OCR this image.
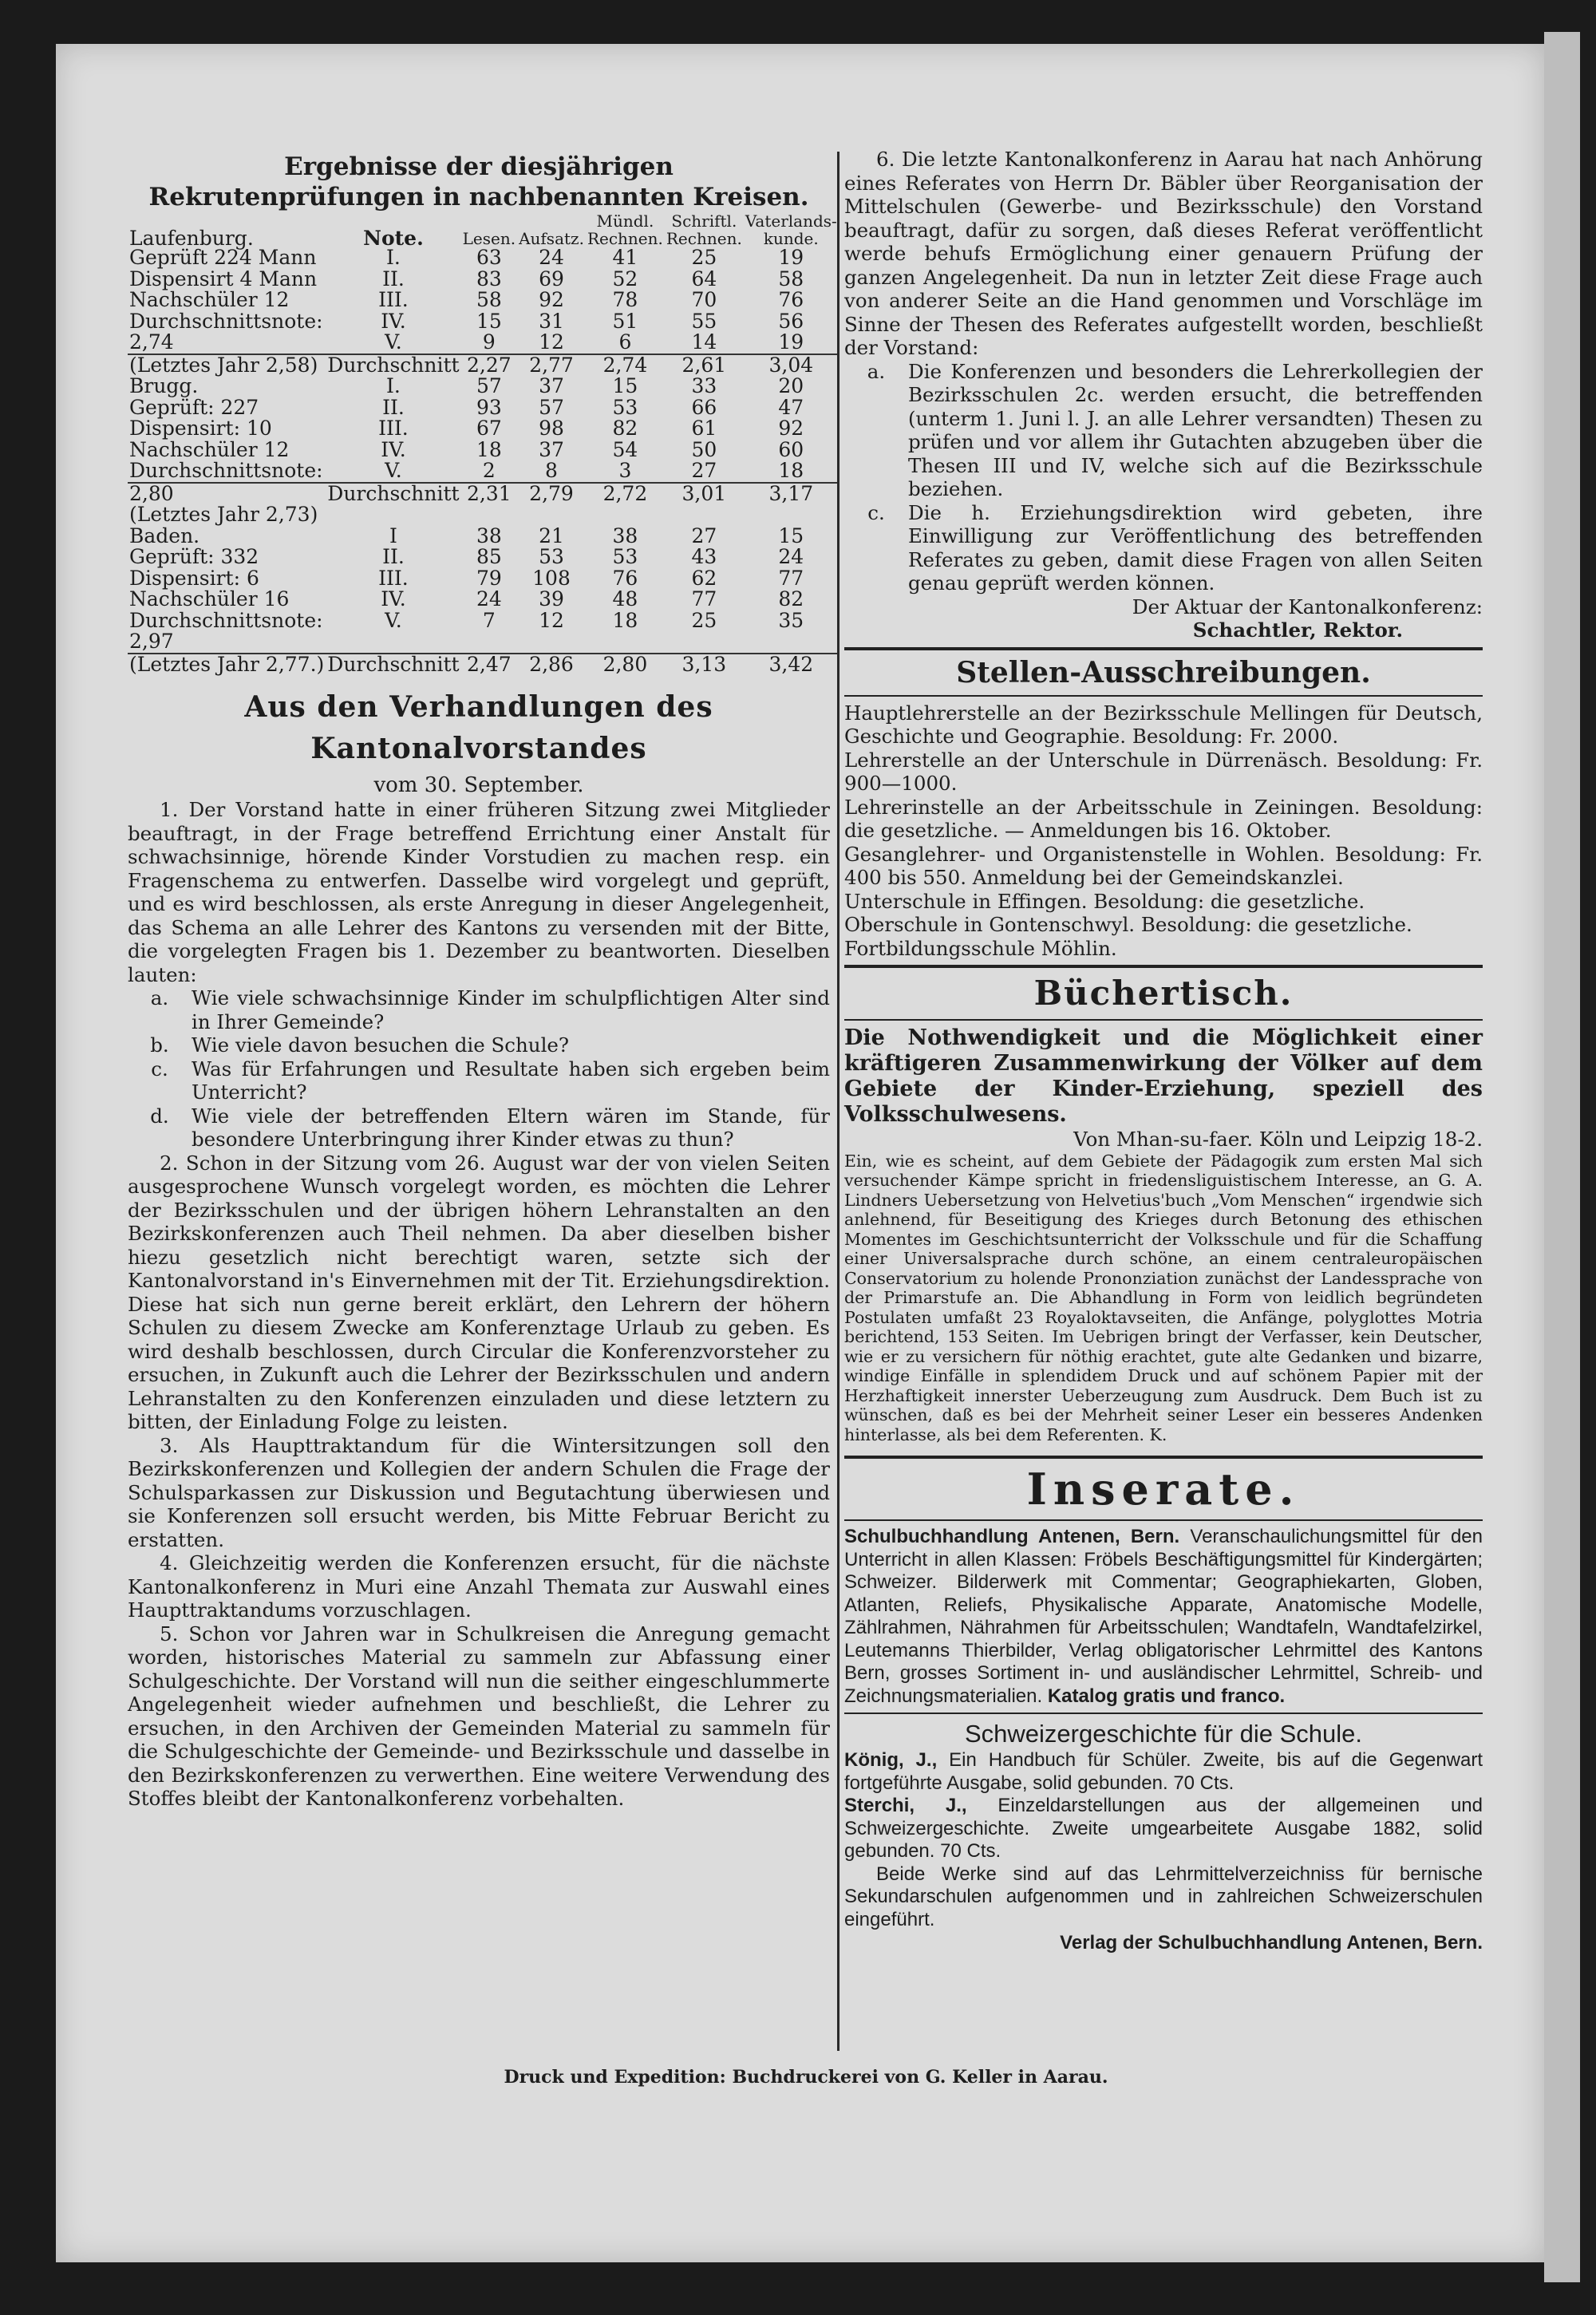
Ergebnisse der diesjährigen Rekrutenprüfungen in nachbenannten Kreisen.

Laufenburg.	Note.	Lesen.	Aufsatz.	Mündl. Rechnen.	Schriftl. Rechnen.	Vaterlands-kunde.
Geprüft 224 Mann	I.	63	24	41	25	19
Dispensirt 4 Mann	II.	83	69	52	64	58
Nachschüler 12	III.	58	92	78	70	76
Durchschnittsnote:	IV.	15	31	51	55	56
2,74	V.	9	12	6	14	19
(Letztes Jahr 2,58)	Durchschnitt	2,27	2,77	2,74	2,61	3,04
Brugg.	I.	57	37	15	33	20
Geprüft: 227	II.	93	57	53	66	47
Dispensirt: 10	III.	67	98	82	61	92
Nachschüler 12	IV.	18	37	54	50	60
Durchschnittsnote:	V.	2	8	3	27	18
2,80	Durchschnitt	2,31	2,79	2,72	3,01	3,17
(Letztes Jahr 2,73)						
Baden.	I	38	21	38	27	15
Geprüft: 332	II.	85	53	53	43	24
Dispensirt: 6	III.	79	108	76	62	77
Nachschüler 16	IV.	24	39	48	77	82
Durchschnittsnote:	V.	7	12	18	25	35
2,97						
(Letztes Jahr 2,77.)	Durchschnitt	2,47	2,86	2,80	3,13	3,42
Aus den Verhandlungen des Kantonalvorstandes
vom 30. September.

1. Der Vorstand hatte in einer früheren Sitzung zwei Mitglieder beauftragt, in der Frage betreffend Errichtung einer Anstalt für schwachsinnige, hörende Kinder Vorstudien zu machen resp. ein Fragenschema zu entwerfen. Dasselbe wird vorgelegt und geprüft, und es wird beschlossen, als erste Anregung in dieser Angelegenheit, das Schema an alle Lehrer des Kantons zu versenden mit der Bitte, die vorgelegten Fragen bis 1. Dezember zu beantworten. Dieselben lauten:

a.	Wie viele schwachsinnige Kinder im schulpflichtigen Alter sind in Ihrer Gemeinde?
b.	Wie viele davon besuchen die Schule?
c.	Was für Erfahrungen und Resultate haben sich ergeben beim Unterricht?
d.	Wie viele der betreffenden Eltern wären im Stande, für besondere Unterbringung ihrer Kinder etwas zu thun?

2. Schon in der Sitzung vom 26. August war der von vielen Seiten ausgesprochene Wunsch vorgelegt worden, es möchten die Lehrer der Bezirksschulen und der übrigen höhern Lehranstalten an den Bezirkskonferenzen auch Theil nehmen. Da aber dieselben bisher hiezu gesetzlich nicht berechtigt waren, setzte sich der Kantonalvorstand in's Einvernehmen mit der Tit. Erziehungsdirektion. Diese hat sich nun gerne bereit erklärt, den Lehrern der höhern Schulen zu diesem Zwecke am Konferenztage Urlaub zu geben. Es wird deshalb beschlossen, durch Circular die Konferenzvorsteher zu ersuchen, in Zukunft auch die Lehrer der Bezirksschulen und andern Lehranstalten zu den Konferenzen einzuladen und diese letztern zu bitten, der Einladung Folge zu leisten.

3. Als Haupttraktandum für die Wintersitzungen soll den Bezirkskonferenzen und Kollegien der andern Schulen die Frage der Schulsparkassen zur Diskussion und Begutachtung überwiesen und sie Konferenzen soll ersucht werden, bis Mitte Februar Bericht zu erstatten.

4. Gleichzeitig werden die Konferenzen ersucht, für die nächste Kantonalkonferenz in Muri eine Anzahl Themata zur Auswahl eines Haupttraktandums vorzuschlagen.

5. Schon vor Jahren war in Schulkreisen die Anregung gemacht worden, historisches Material zu sammeln zur Abfassung einer Schulgeschichte. Der Vorstand will nun die seither eingeschlummerte Angelegenheit wieder aufnehmen und beschließt, die Lehrer zu ersuchen, in den Archiven der Gemeinden Material zu sammeln für die Schulgeschichte der Gemeinde- und Bezirksschule und dasselbe in den Bezirkskonferenzen zu verwerthen. Eine weitere Verwendung des Stoffes bleibt der Kantonalkonferenz vorbehalten.

6. Die letzte Kantonalkonferenz in Aarau hat nach Anhörung eines Referates von Herrn Dr. Bäbler über Reorganisation der Mittelschulen (Gewerbe- und Bezirksschule) den Vorstand beauftragt, dafür zu sorgen, daß dieses Referat veröffentlicht werde behufs Ermöglichung einer genauern Prüfung der ganzen Angelegenheit. Da nun in letzter Zeit diese Frage auch von anderer Seite an die Hand genommen und Vorschläge im Sinne der Thesen des Referates aufgestellt worden, beschließt der Vorstand:

a.	Die Konferenzen und besonders die Lehrerkollegien der Bezirksschulen 2c. werden ersucht, die betreffenden (unterm 1. Juni l. J. an alle Lehrer versandten) Thesen zu prüfen und vor allem ihr Gutachten abzugeben über die Thesen III und IV, welche sich auf die Bezirksschule beziehen.
c.	Die h. Erziehungsdirektion wird gebeten, ihre Einwilligung zur Veröffentlichung des betreffenden Referates zu geben, damit diese Fragen von allen Seiten genau geprüft werden können.
Der Aktuar der Kantonalkonferenz:
Schachtler, Rektor.
Stellen-Ausschreibungen.

Hauptlehrerstelle an der Bezirksschule Mellingen für Deutsch, Geschichte und Geographie. Besoldung: Fr. 2000.

Lehrerstelle an der Unterschule in Dürrenäsch. Besoldung: Fr. 900—1000.

Lehrerinstelle an der Arbeitsschule in Zeiningen. Besoldung: die gesetzliche. — Anmeldungen bis 16. Oktober.

Gesanglehrer- und Organistenstelle in Wohlen. Besoldung: Fr. 400 bis 550. Anmeldung bei der Gemeindskanzlei.

Unterschule in Effingen. Besoldung: die gesetzliche.

Oberschule in Gontenschwyl. Besoldung: die gesetzliche.

Fortbildungsschule Möhlin.

Büchertisch.

Die Nothwendigkeit und die Möglichkeit einer kräftigeren Zusammenwirkung der Völker auf dem Gebiete der Kinder-Erziehung, speziell des Volksschulwesens.

Von Mhan-su-faer. Köln und Leipzig 18-2.

Ein, wie es scheint, auf dem Gebiete der Pädagogik zum ersten Mal sich versuchender Kämpe spricht in friedensliguistischem Interesse, an G. A. Lindners Uebersetzung von Helvetius'buch „Vom Menschen“ irgendwie sich anlehnend, für Beseitigung des Krieges durch Betonung des ethischen Momentes im Geschichtsunterricht der Volksschule und für die Schaffung einer Universalsprache durch schöne, an einem centraleuropäischen Conservatorium zu holende Prononziation zunächst der Landessprache von der Primarstufe an. Die Abhandlung in Form von leidlich begründeten Postulaten umfaßt 23 Royaloktavseiten, die Anfänge, polyglottes Motria berichtend, 153 Seiten. Im Uebrigen bringt der Verfasser, kein Deutscher, wie er zu versichern für nöthig erachtet, gute alte Gedanken und bizarre, windige Einfälle in splendidem Druck und auf schönem Papier mit der Herzhaftigkeit innerster Ueberzeugung zum Ausdruck. Dem Buch ist zu wünschen, daß es bei der Mehrheit seiner Leser ein besseres Andenken hinterlasse, als bei dem Referenten. K.

Inserate.

Schulbuchhandlung Antenen, Bern. Veranschaulichungsmittel für den Unterricht in allen Klassen: Fröbels Beschäftigungsmittel für Kindergärten; Schweizer. Bilderwerk mit Commentar; Geographiekarten, Globen, Atlanten, Reliefs, Physikalische Apparate, Anatomische Modelle, Zählrahmen, Nährahmen für Arbeitsschulen; Wandtafeln, Wandtafelzirkel, Leutemanns Thierbilder, Verlag obligatorischer Lehrmittel des Kantons Bern, grosses Sortiment in- und ausländischer Lehrmittel, Schreib- und Zeichnungsmaterialien. Katalog gratis und franco.

Schweizergeschichte für die Schule.

König, J., Ein Handbuch für Schüler. Zweite, bis auf die Gegenwart fortgeführte Ausgabe, solid gebunden. 70 Cts.

Sterchi, J., Einzeldarstellungen aus der allgemeinen und Schweizergeschichte. Zweite umgearbeitete Ausgabe 1882, solid gebunden. 70 Cts.

Beide Werke sind auf das Lehrmittelverzeichniss für bernische Sekundarschulen aufgenommen und in zahlreichen Schweizerschulen eingeführt.

Verlag der Schulbuchhandlung Antenen, Bern.
Druck und Expedition: Buchdruckerei von G. Keller in Aarau.
